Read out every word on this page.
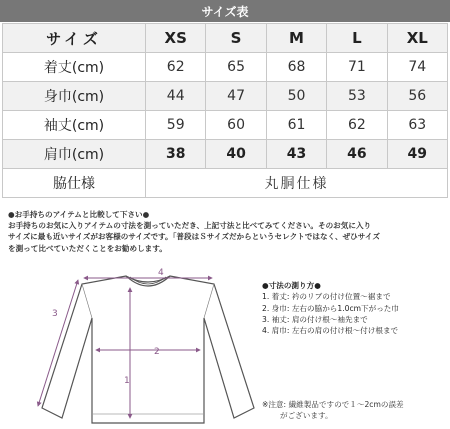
サイズ表
サイズ	XS	S	M	L	XL
着丈(cm)	62	65	68	71	74
身巾(cm)	44	47	50	53	56
袖丈(cm)	59	60	61	62	63
肩巾(cm)	38	40	43	46	49
脇仕様	丸胴仕様				
●お手持ちのアイテムと比較して下さい●
お手持ちのお気に入りアイテムの寸法を測っていただき、上記寸法と比べてみてください。そのお気に入り
サイズに最も近いサイズがお客様のサイズです。「普段はＳサイズだからというセレクトではなく、ぜひサイズ
を測って比べていただくことをお勧めします。
4
2
1
3
●寸法の測り方●
1. 着丈: 衿のリブの付け位置～裾まで
2. 身巾: 左右の脇から1.0cm下がった巾
3. 袖丈: 肩の付け根～袖先まで
4. 肩巾: 左右の肩の付け根～付け根まで
※注意: 繊維製品ですので１～2cmの誤差
がございます。
